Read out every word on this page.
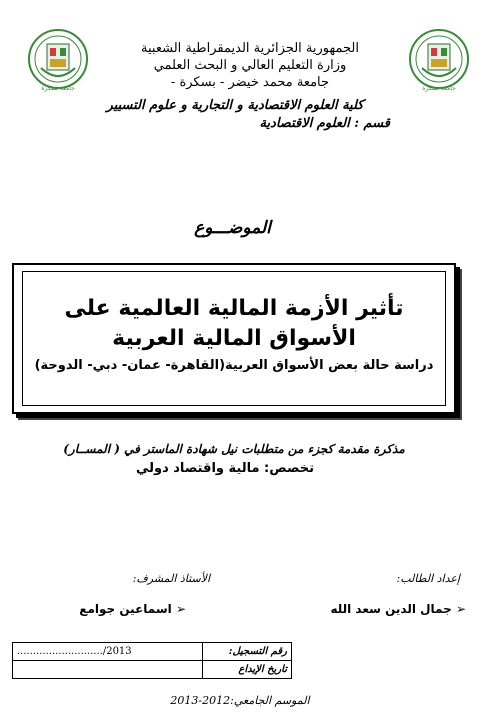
جامعة بسكرة
جامعة بسكرة
الجمهورية الجزائرية الديمقراطية الشعبية
وزارة التعليم العالي و البحث العلمي
جامعة محمد خيضر - بسكرة -
كلية العلوم الاقتصادية و التجارية و علوم التسيير
قسم : العلوم الاقتصادية
الموضـــوع
تأثير الأزمة المالية العالمية على
الأسواق المالية العربية
دراسة حالة بعض الأسواق العربية(القاهرة- عمان- دبي- الدوحة)
مذكرة مقدمة كجزء من متطلبات نيل شهادة الماستر في ( المســار)
تخصص: مالية واقتصاد دولي
إعداد الطالب:
الأستاذ المشرف:
➢ جمال الدين سعد الله
➢ اسماعين جوامع
رقم التسجيل:	2013/...........................
تاريخ الإيداع	
الموسم الجامعي:2012-2013
